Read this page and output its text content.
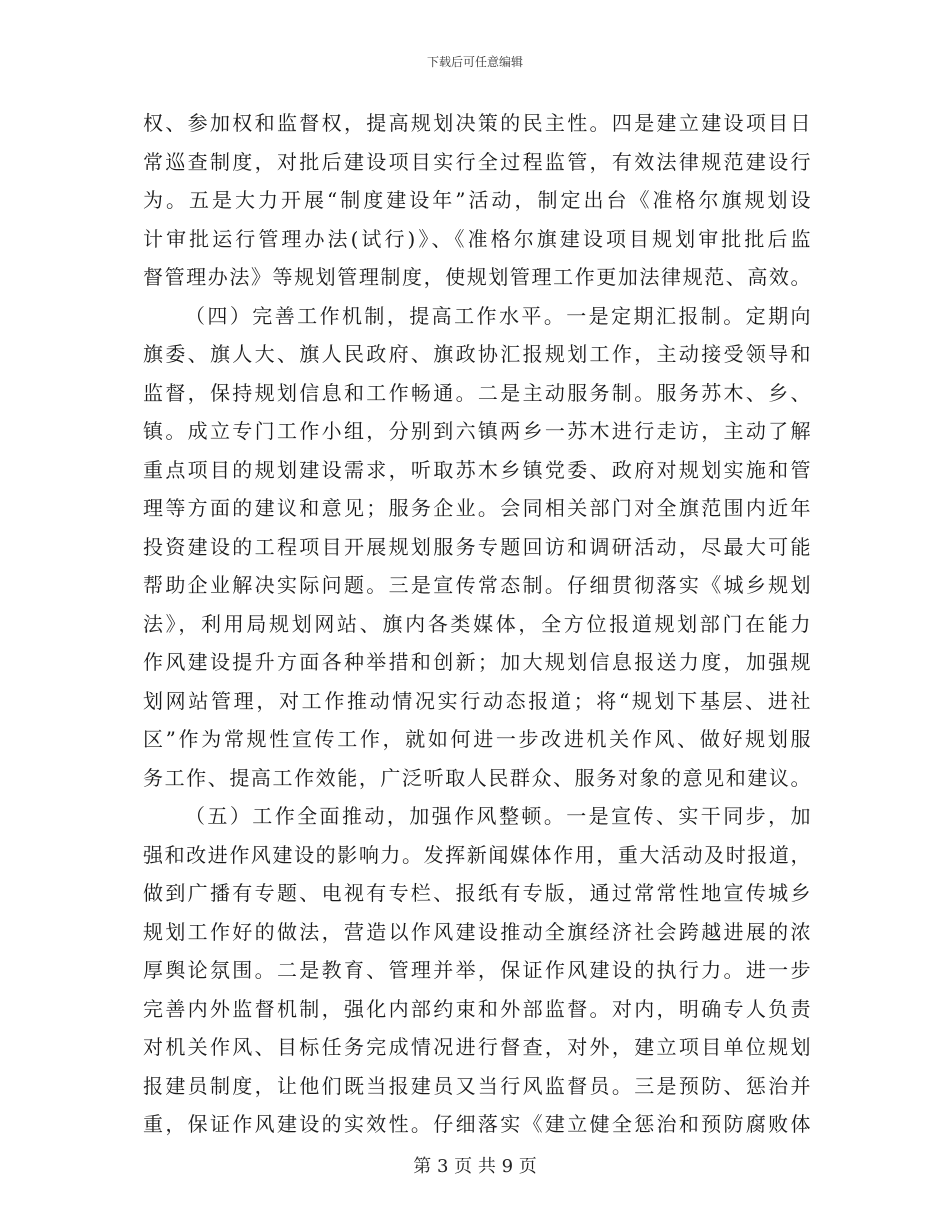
下载后可任意编辑
权、参加权和监督权，提高规划决策的民主性。四是建立建设项目日
常巡查制度，对批后建设项目实行全过程监管，有效法律规范建设行
为。五是大力开展“制度建设年”活动，制定出台《准格尔旗规划设
计审批运行管理办法(试行)》、《准格尔旗建设项目规划审批批后监
督管理办法》等规划管理制度，使规划管理工作更加法律规范、高效。
（四）完善工作机制，提高工作水平。一是定期汇报制。定期向
旗委、旗人大、旗人民政府、旗政协汇报规划工作，主动接受领导和
监督，保持规划信息和工作畅通。二是主动服务制。服务苏木、乡、
镇。成立专门工作小组，分别到六镇两乡一苏木进行走访，主动了解
重点项目的规划建设需求，听取苏木乡镇党委、政府对规划实施和管
理等方面的建议和意见；服务企业。会同相关部门对全旗范围内近年
投资建设的工程项目开展规划服务专题回访和调研活动，尽最大可能
帮助企业解决实际问题。三是宣传常态制。仔细贯彻落实《城乡规划
法》，利用局规划网站、旗内各类媒体，全方位报道规划部门在能力
作风建设提升方面各种举措和创新；加大规划信息报送力度，加强规
划网站管理，对工作推动情况实行动态报道；将“规划下基层、进社
区”作为常规性宣传工作，就如何进一步改进机关作风、做好规划服
务工作、提高工作效能，广泛听取人民群众、服务对象的意见和建议。
（五）工作全面推动，加强作风整顿。一是宣传、实干同步，加
强和改进作风建设的影响力。发挥新闻媒体作用，重大活动及时报道，
做到广播有专题、电视有专栏、报纸有专版，通过常常性地宣传城乡
规划工作好的做法，营造以作风建设推动全旗经济社会跨越进展的浓
厚舆论氛围。二是教育、管理并举，保证作风建设的执行力。进一步
完善内外监督机制，强化内部约束和外部监督。对内，明确专人负责
对机关作风、目标任务完成情况进行督查，对外，建立项目单位规划
报建员制度，让他们既当报建员又当行风监督员。三是预防、惩治并
重，保证作风建设的实效性。仔细落实《建立健全惩治和预防腐败体
第 3 页 共 9 页
